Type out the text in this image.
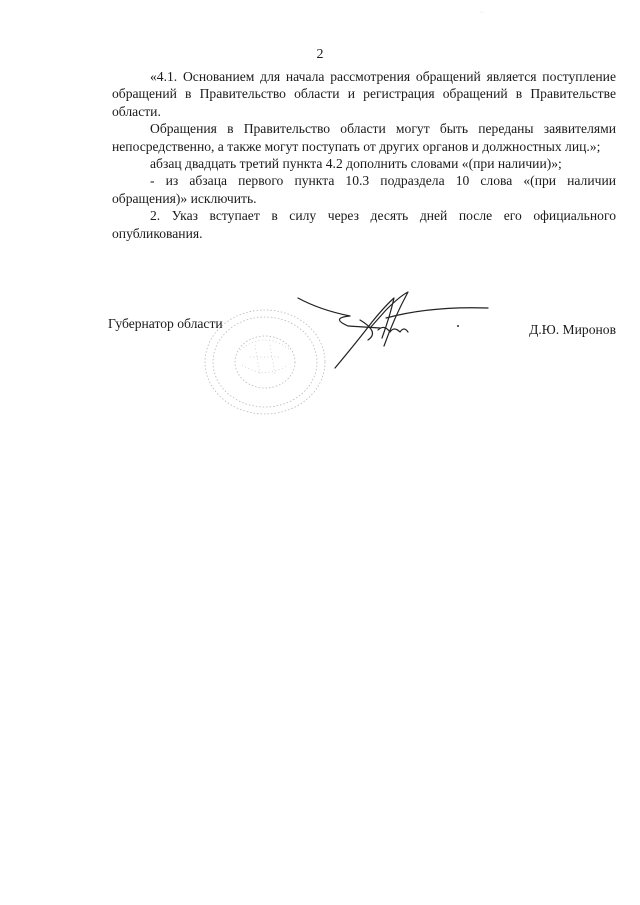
··
2

«4.1. Основанием для начала рассмотрения обращений является поступление обращений в Правительство области и регистрация обращений в Правительстве области.

Обращения в Правительство области могут быть переданы заявителями непосредственно, а также могут поступать от других органов и должностных лиц.»;

абзац двадцать третий пункта 4.2 дополнить словами «(при наличии)»;

- из абзаца первого пункта 10.3 подраздела 10 слова «(при наличии обращения)» исключить.

2. Указ вступает в силу через десять дней после его официального опубликования.

Губернатор области	Д.Ю. Миронов
